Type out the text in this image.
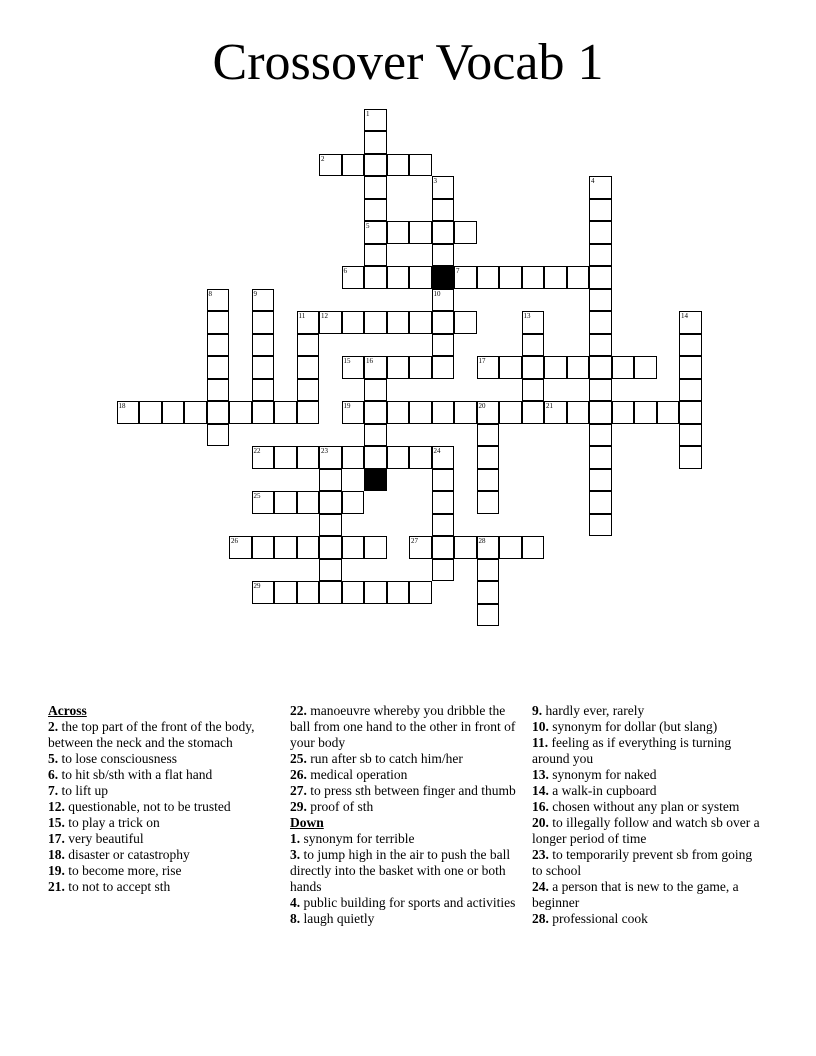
Crossover Vocab 1
1
5
2
3	4
6	7
8	9	10
11 12	13	14
15 16	17
18	19	20	21
22	23	24
25
26	27	28
29
Across
2. the top part of the front of the body, between the neck and the stomach
5. to lose consciousness
6. to hit sb/sth with a flat hand
7. to lift up
12. questionable, not to be trusted
15. to play a trick on
17. very beautiful
18. disaster or catastrophy
19. to become more, rise
21. to not to accept sth
22. manoeuvre whereby you dribble the ball from one hand to the other in front of your body
25. run after sb to catch him/her
26. medical operation
27. to press sth between finger and thumb
29. proof of sth
Down
1. synonym for terrible
3. to jump high in the air to push the ball directly into the basket with one or both hands
4. public building for sports and activities
8. laugh quietly
9. hardly ever, rarely
10. synonym for dollar (but slang)
11. feeling as if everything is turning around you
13. synonym for naked
14. a walk-in cupboard
16. chosen without any plan or system
20. to illegally follow and watch sb over a longer period of time
23. to temporarily prevent sb from going to school
24. a person that is new to the game, a beginner
28. professional cook
